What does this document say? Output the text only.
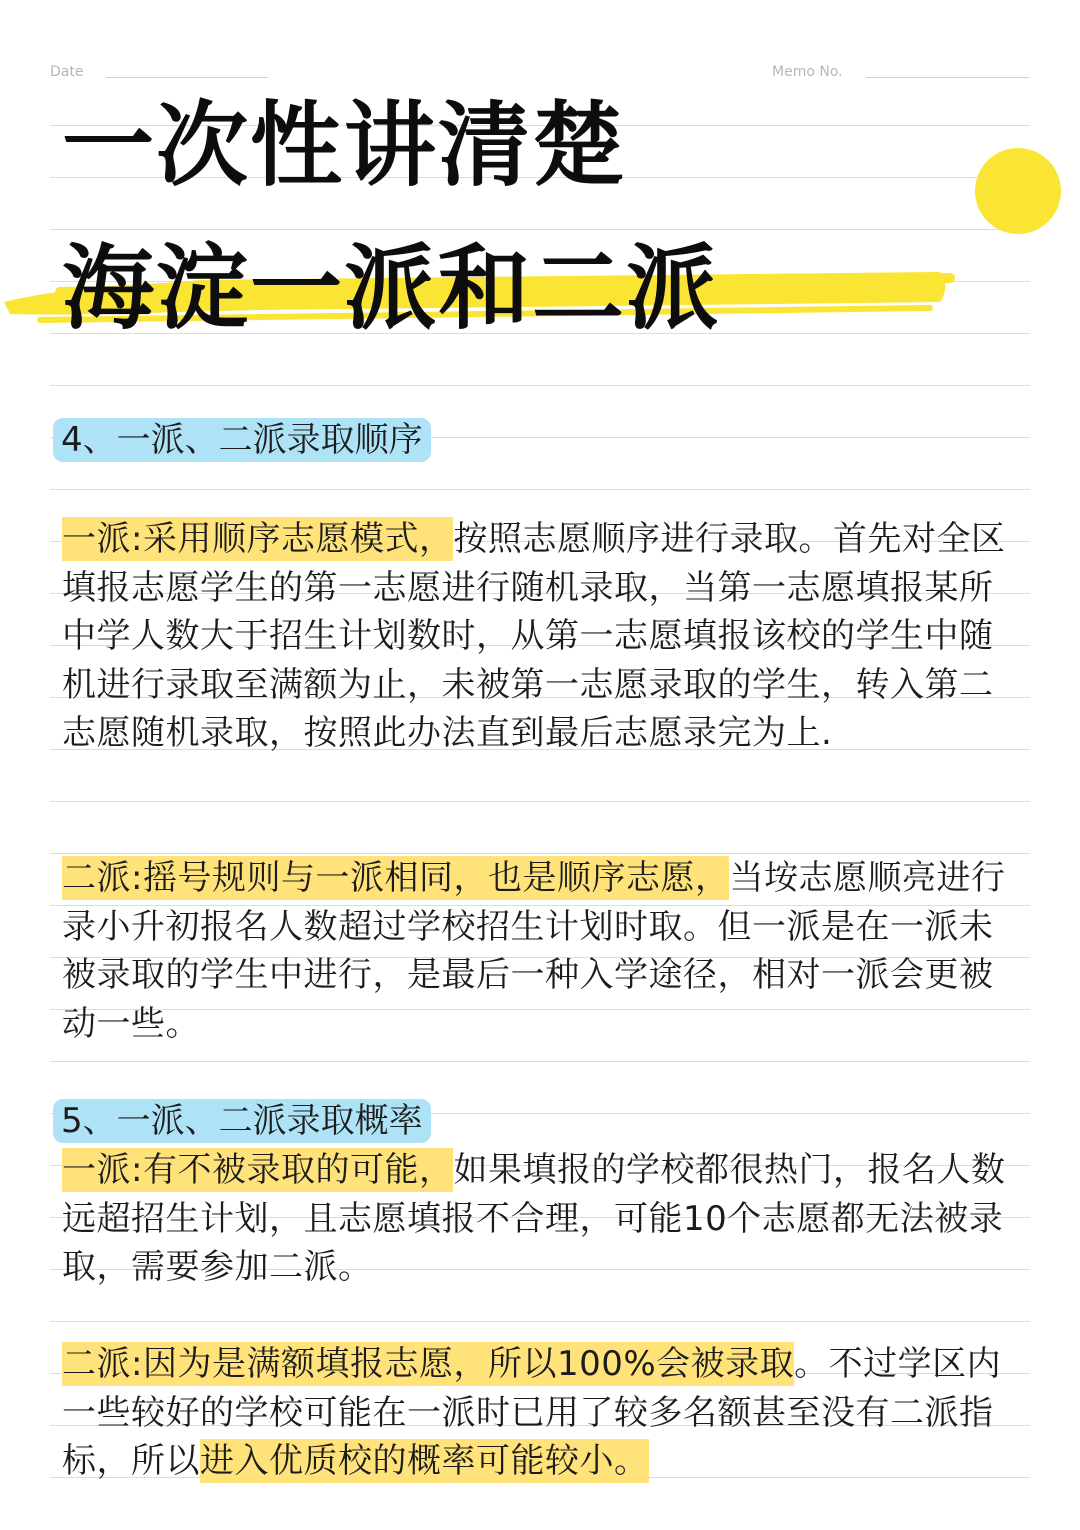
Date	Memo No.
一次性讲清楚
海淀一派和二派
4、一派、二派录取顺序
一派:采用顺序志愿模式，按照志愿顺序进行录取。首先对全区填报志愿学生的第一志愿进行随机录取，当第一志愿填报某所中学人数大于招生计划数时，从第一志愿填报该校的学生中随机进行录取至满额为止，未被第一志愿录取的学生，转入第二志愿随机录取，按照此办法直到最后志愿录完为上.
二派:摇号规则与一派相同，也是顺序志愿，当垵志愿顺亮进行录小升初报名人数超过学校招生计划时取。但一派是在一派未被录取的学生中进行，是最后一种入学途径，相对一派会更被动一些。
5、一派、二派录取概率
一派:有不被录取的可能，如果填报的学校都很热门，报名人数远超招生计划，且志愿填报不合理，可能10个志愿都无法被录取，需要参加二派。
二派:因为是满额填报志愿，所以100%会被录取。不过学区内一些较好的学校可能在一派时已用了较多名额甚至没有二派指标，所以进入优质校的概率可能较小。
